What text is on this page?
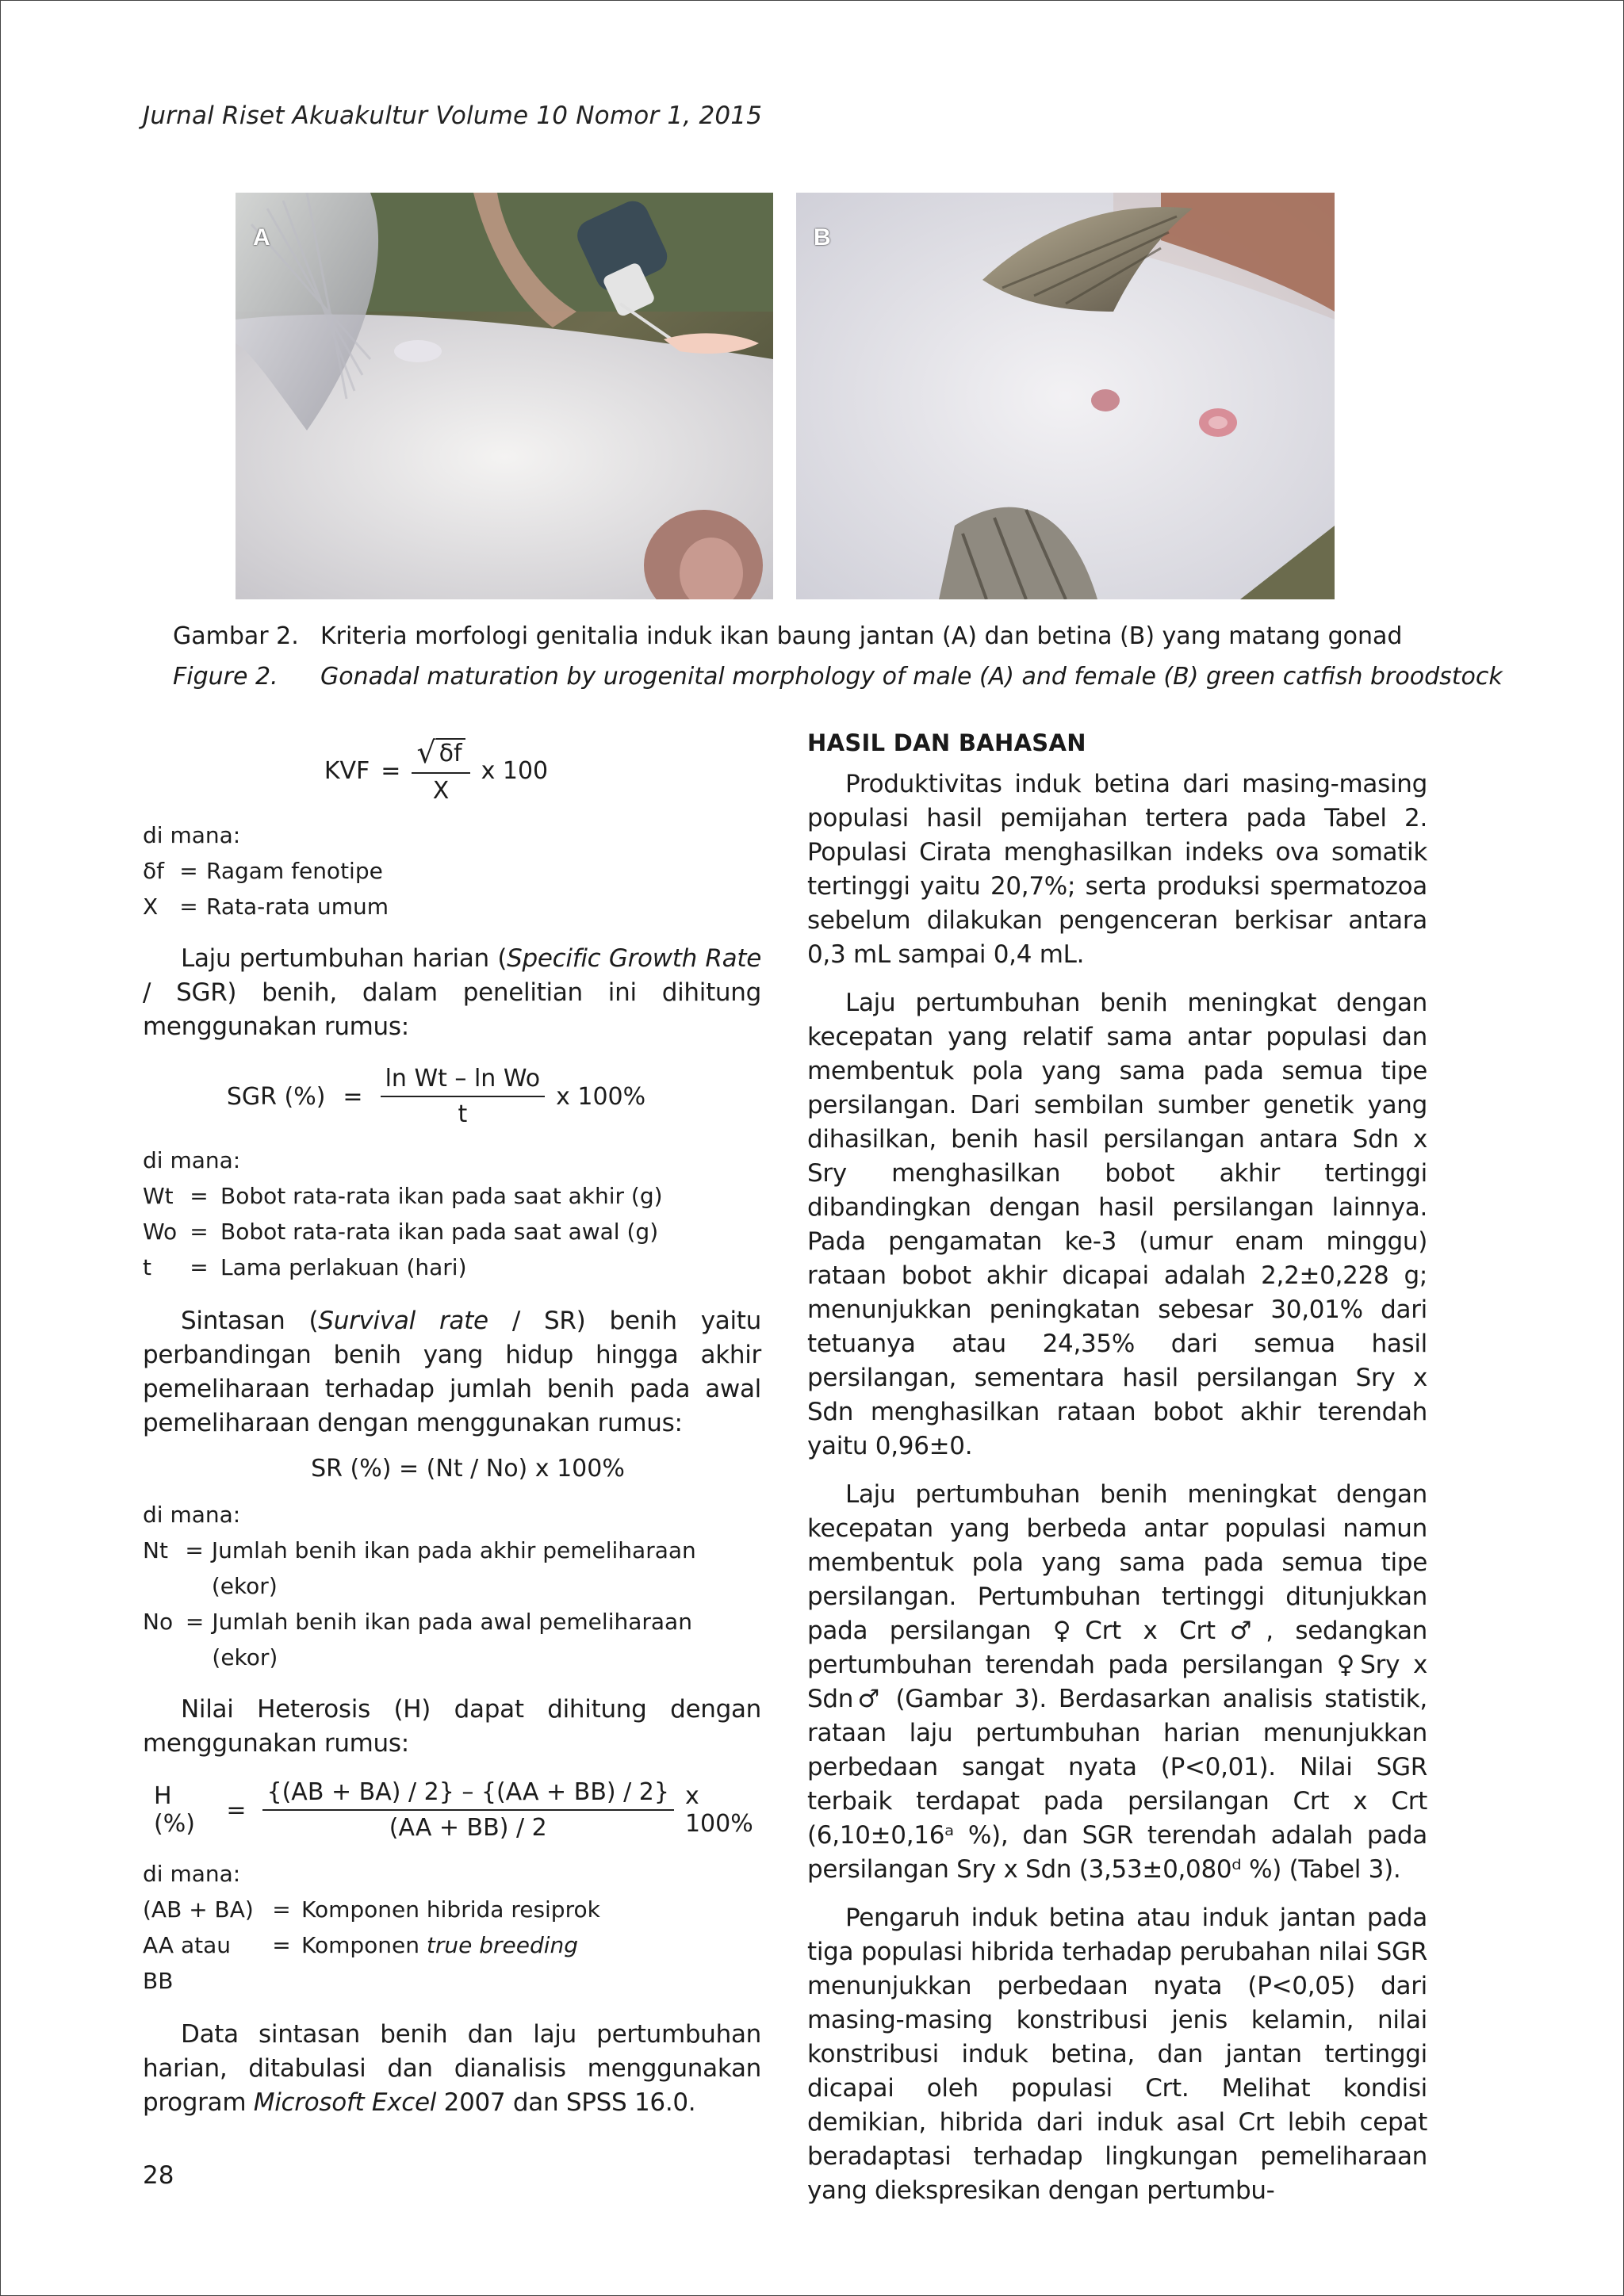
Jurnal Riset Akuakultur Volume 10 Nomor 1, 2015
A	B
Gambar 2. Kriteria morfologi genitalia induk ikan baung jantan (A) dan betina (B) yang matang gonad
Figure 2. Gonadal maturation by urogenital morphology of male (A) and female (B) green catfish broodstock
KVF = $\frac{√ \delta f}{X}$ x 100
di mana:
δf = Ragam fenotipe
X = Rata-rata umum

Laju pertumbuhan harian (Specific Growth Rate / SGR) benih, dalam penelitian ini dihitung menggunakan rumus:

SGR (%) = $\frac{\text{ln Wt – ln Wo}}{t}$ x 100%
di mana:
Wt = Bobot rata-rata ikan pada saat akhir (g)
Wo = Bobot rata-rata ikan pada saat awal (g)
t	= Lama perlakuan (hari)

Sintasan (Survival rate / SR) benih yaitu perbandingan benih yang hidup hingga akhir pemeliharaan terhadap jumlah benih pada awal pemeliharaan dengan menggunakan rumus:

SR (%) = (Nt / No) x 100%
di mana:
Nt = Jumlah benih ikan pada akhir pemeliharaan (ekor)
No = Jumlah benih ikan pada awal pemeliharaan (ekor)

Nilai Heterosis (H) dapat dihitung dengan menggunakan rumus:

H (%)	= $\frac{\{(AB + BA) / 2\} - \{(AA + BB) / 2\}}{(AA + BB) / 2}$ x 100%
di mana:
(AB + BA) = Komponen hibrida resiprok
AA atau BB
= Komponen true breeding

Data sintasan benih dan laju pertumbuhan harian, ditabulasi dan dianalisis menggunakan program Microsoft Excel 2007 dan SPSS 16.0.

HASIL DAN BAHASAN

Produktivitas induk betina dari masing-masing populasi hasil pemijahan tertera pada Tabel 2. Populasi Cirata menghasilkan indeks ova somatik tertinggi yaitu 20,7%; serta produksi spermatozoa sebelum dilakukan pengenceran berkisar antara 0,3 mL sampai 0,4 mL.

Laju pertumbuhan benih meningkat dengan kecepatan yang relatif sama antar populasi dan membentuk pola yang sama pada semua tipe persilangan. Dari sembilan sumber genetik yang dihasilkan, benih hasil persilangan antara Sdn x Sry menghasilkan bobot akhir tertinggi dibandingkan dengan hasil persilangan lainnya. Pada pengamatan ke-3 (umur enam minggu) rataan bobot akhir dicapai adalah 2,2±0,228 g; menunjukkan peningkatan sebesar 30,01% dari tetuanya atau 24,35% dari semua hasil persilangan, sementara hasil persilangan Sry x Sdn menghasilkan rataan bobot akhir terendah yaitu 0,96±0.

Laju pertumbuhan benih meningkat dengan kecepatan yang berbeda antar populasi namun membentuk pola yang sama pada semua tipe persilangan. Pertumbuhan tertinggi ditunjukkan pada persilangan ♀Crt x Crt♂, sedangkan pertumbuhan terendah pada persilangan ♀Sry x Sdn♂ (Gambar 3). Berdasarkan analisis statistik, rataan laju pertumbuhan harian menunjukkan perbedaan sangat nyata (P<0,01). Nilai SGR terbaik terdapat pada persilangan Crt x Crt (6,10±0,16ᵃ %), dan SGR terendah adalah pada persilangan Sry x Sdn (3,53±0,080ᵈ %) (Tabel 3).

Pengaruh induk betina atau induk jantan pada tiga populasi hibrida terhadap perubahan nilai SGR menunjukkan perbedaan nyata (P<0,05) dari masing-masing konstribusi jenis kelamin, nilai konstribusi induk betina, dan jantan tertinggi dicapai oleh populasi Crt. Melihat kondisi demikian, hibrida dari induk asal Crt lebih cepat beradaptasi terhadap lingkungan pemeliharaan yang diekspresikan dengan pertumbu-

28
